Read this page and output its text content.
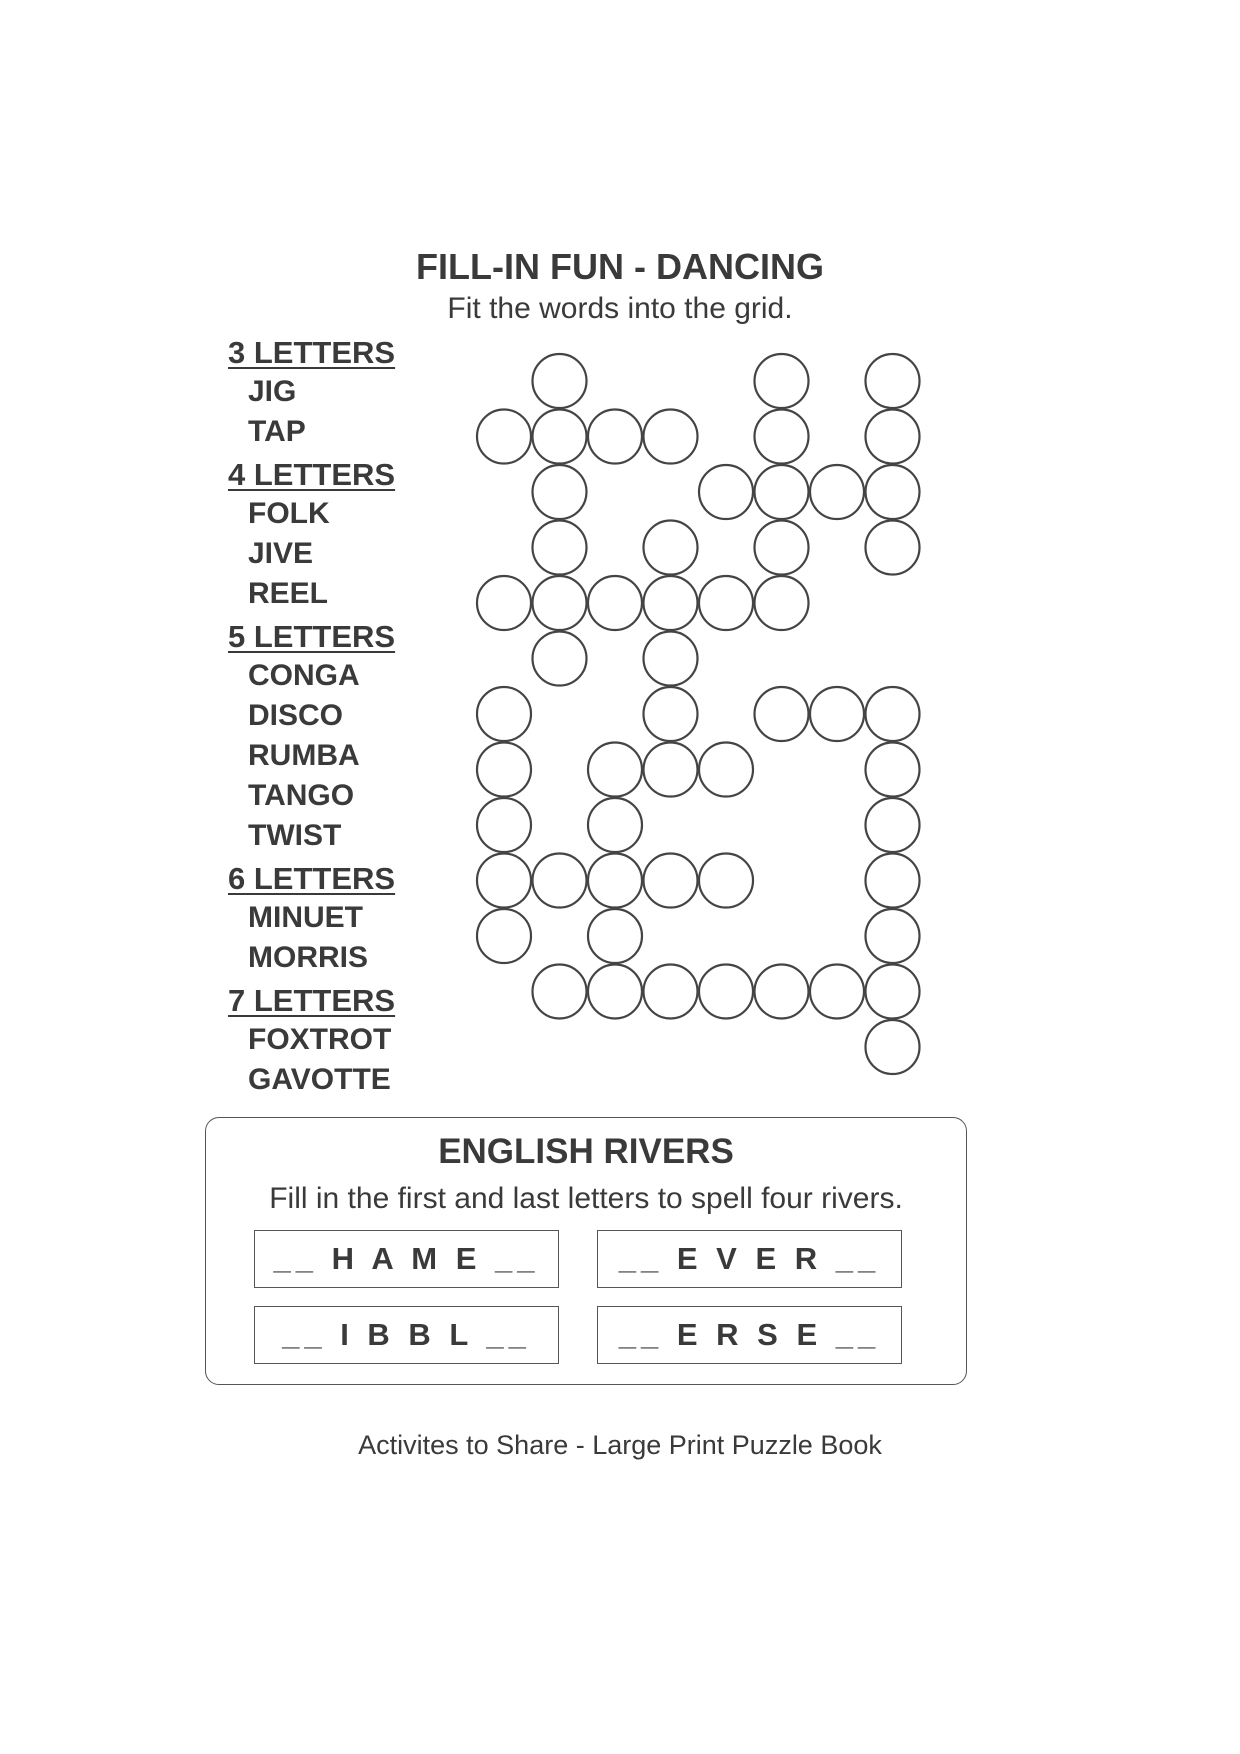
FILL-IN FUN - DANCING
Fit the words into the grid.
3 LETTERS
JIG
TAP
4 LETTERS
FOLK
JIVE
REEL
5 LETTERS
CONGA
DISCO
RUMBA
TANGO
TWIST
6 LETTERS
MINUET
MORRIS
7 LETTERS
FOXTROT
GAVOTTE
ENGLISH RIVERS
Fill in the first and last letters to spell four rivers.
__ H A M E __	__ E V E R __
__ I B B L __	__ E R S E __
Activites to Share - Large Print Puzzle Book
